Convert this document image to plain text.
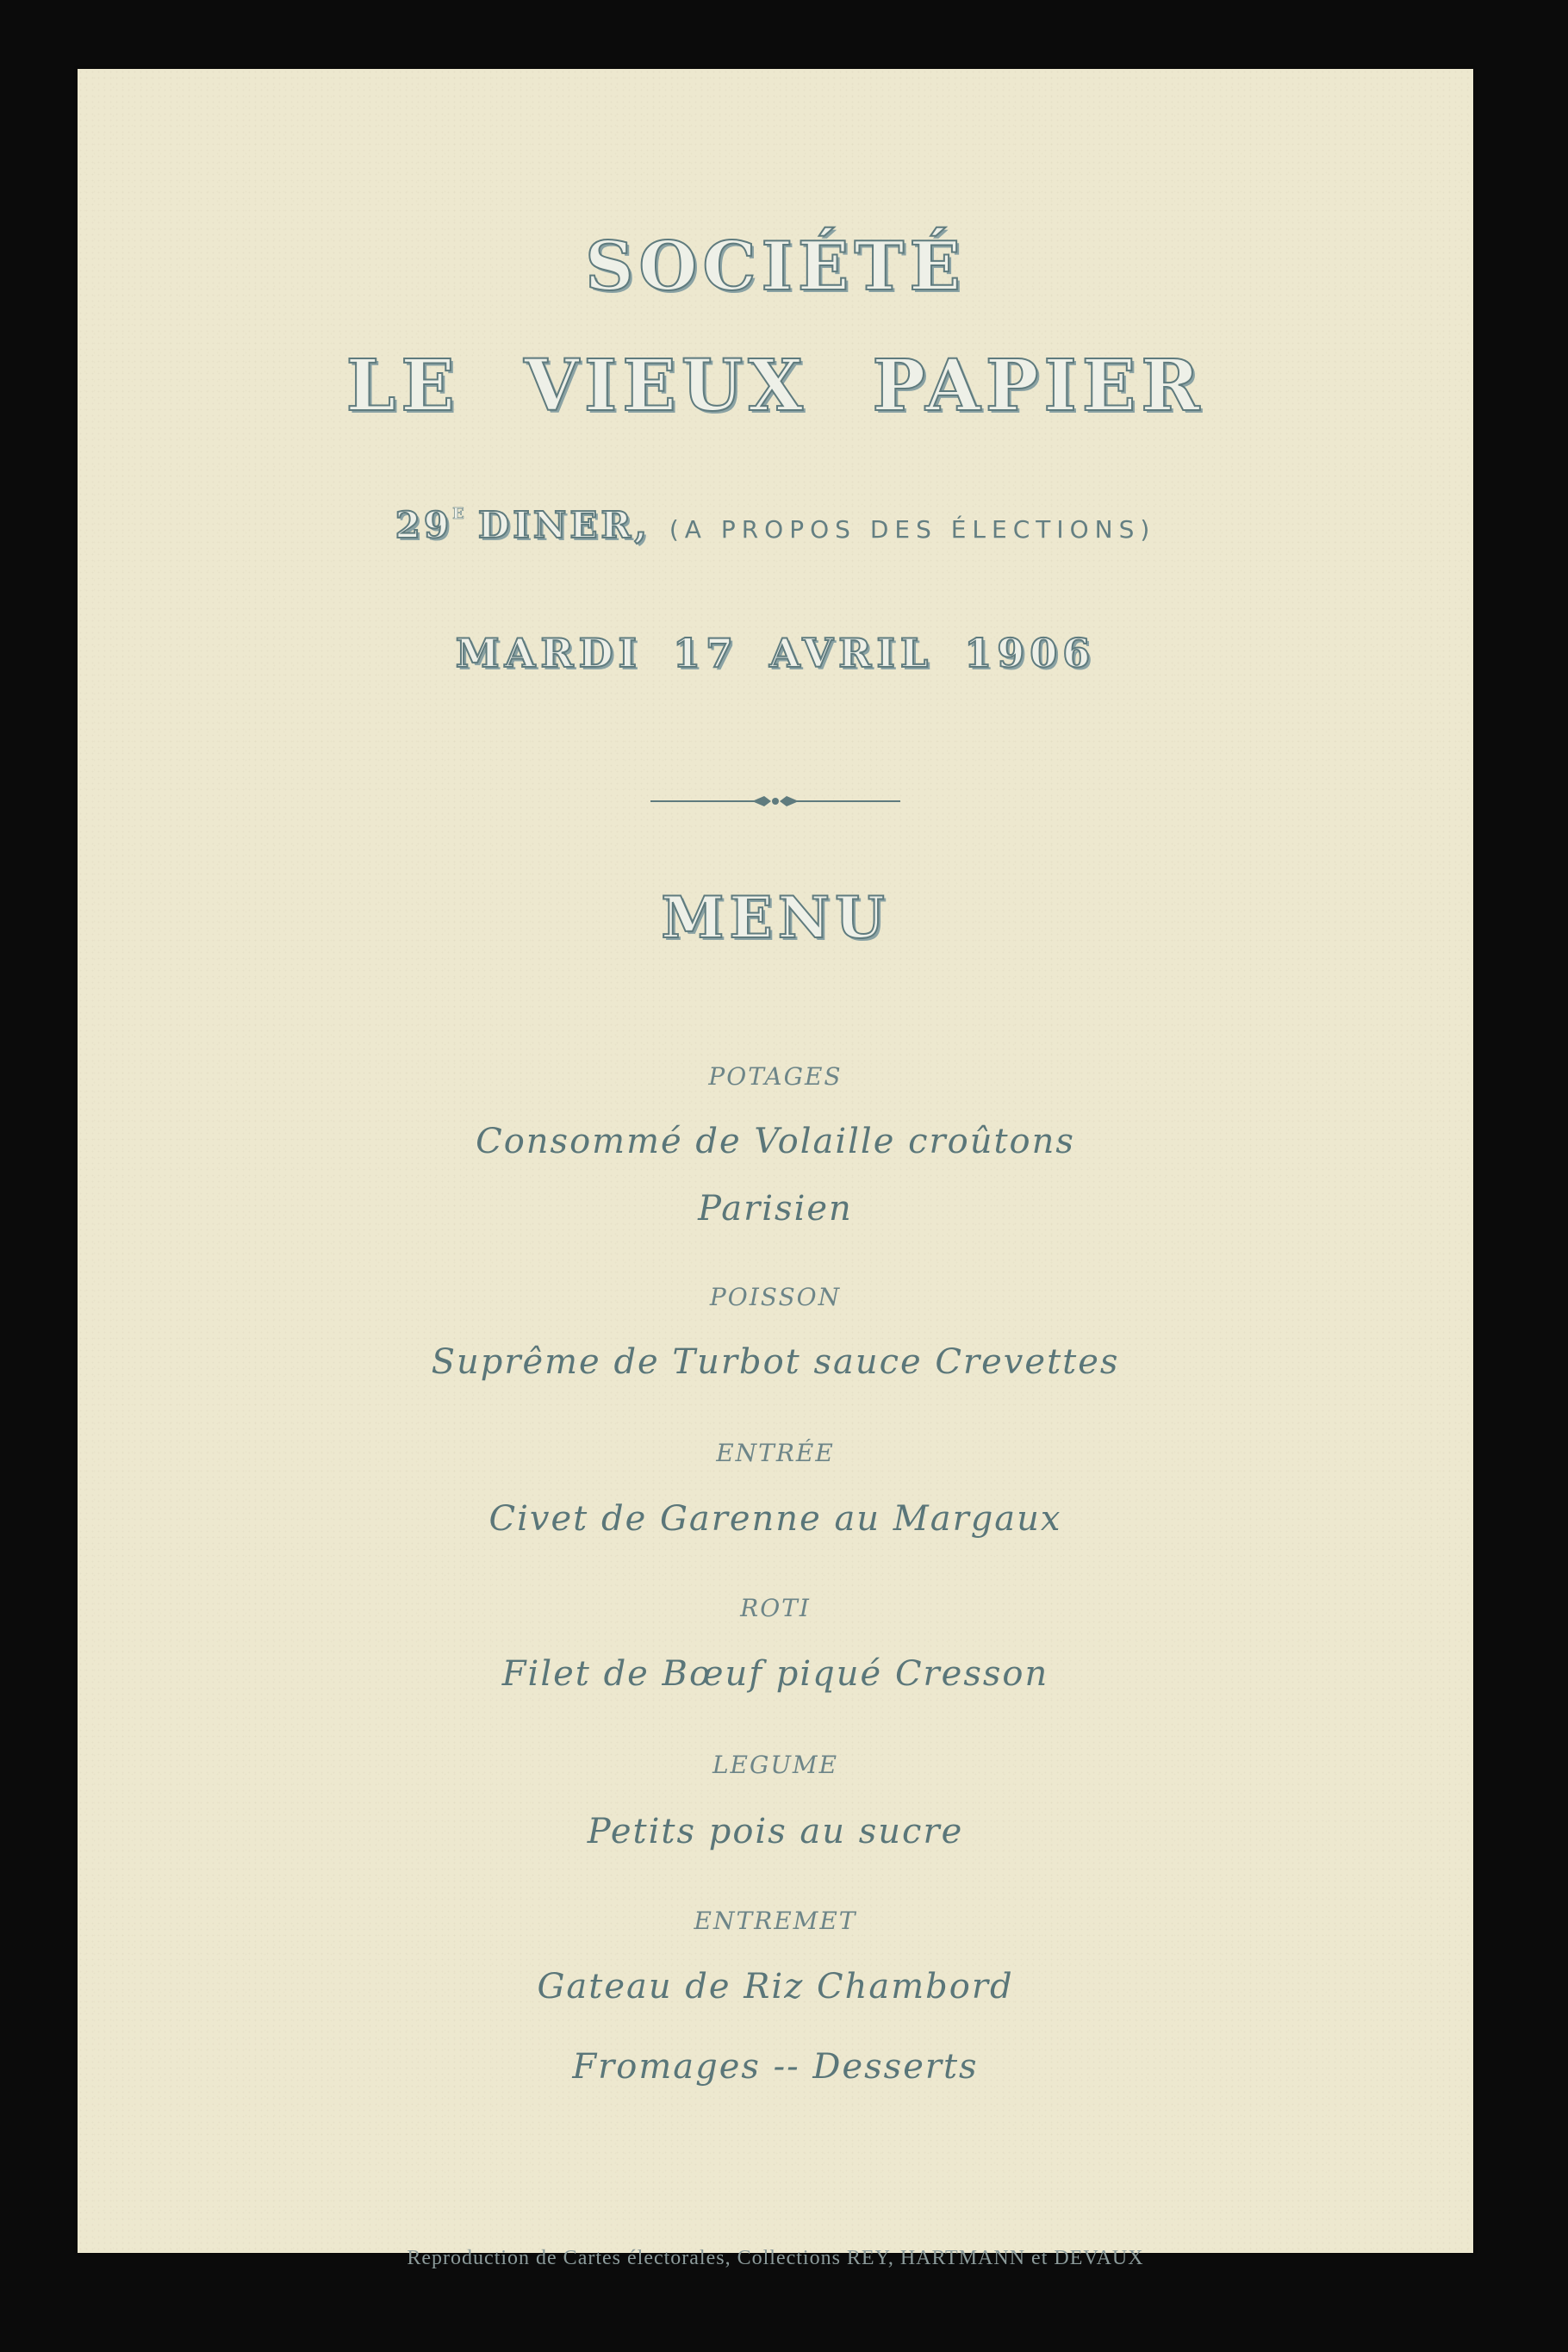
SOCIÉTÉ
LE VIEUX PAPIER
$29^E$ DINER, (A PROPOS DES ÉLECTIONS)
MARDI 17 AVRIL 1906
MENU
POTAGES
Consommé de Volaille croûtons
Parisien
POISSON
Suprême de Turbot sauce Crevettes
ENTRÉE
Civet de Garenne au Margaux
ROTI
Filet de Bœuf piqué Cresson
LEGUME
Petits pois au sucre
ENTREMET
Gateau de Riz Chambord
Fromages -- Desserts
Reproduction de Cartes électorales, Collections REY, HARTMANN et DEVAUX
